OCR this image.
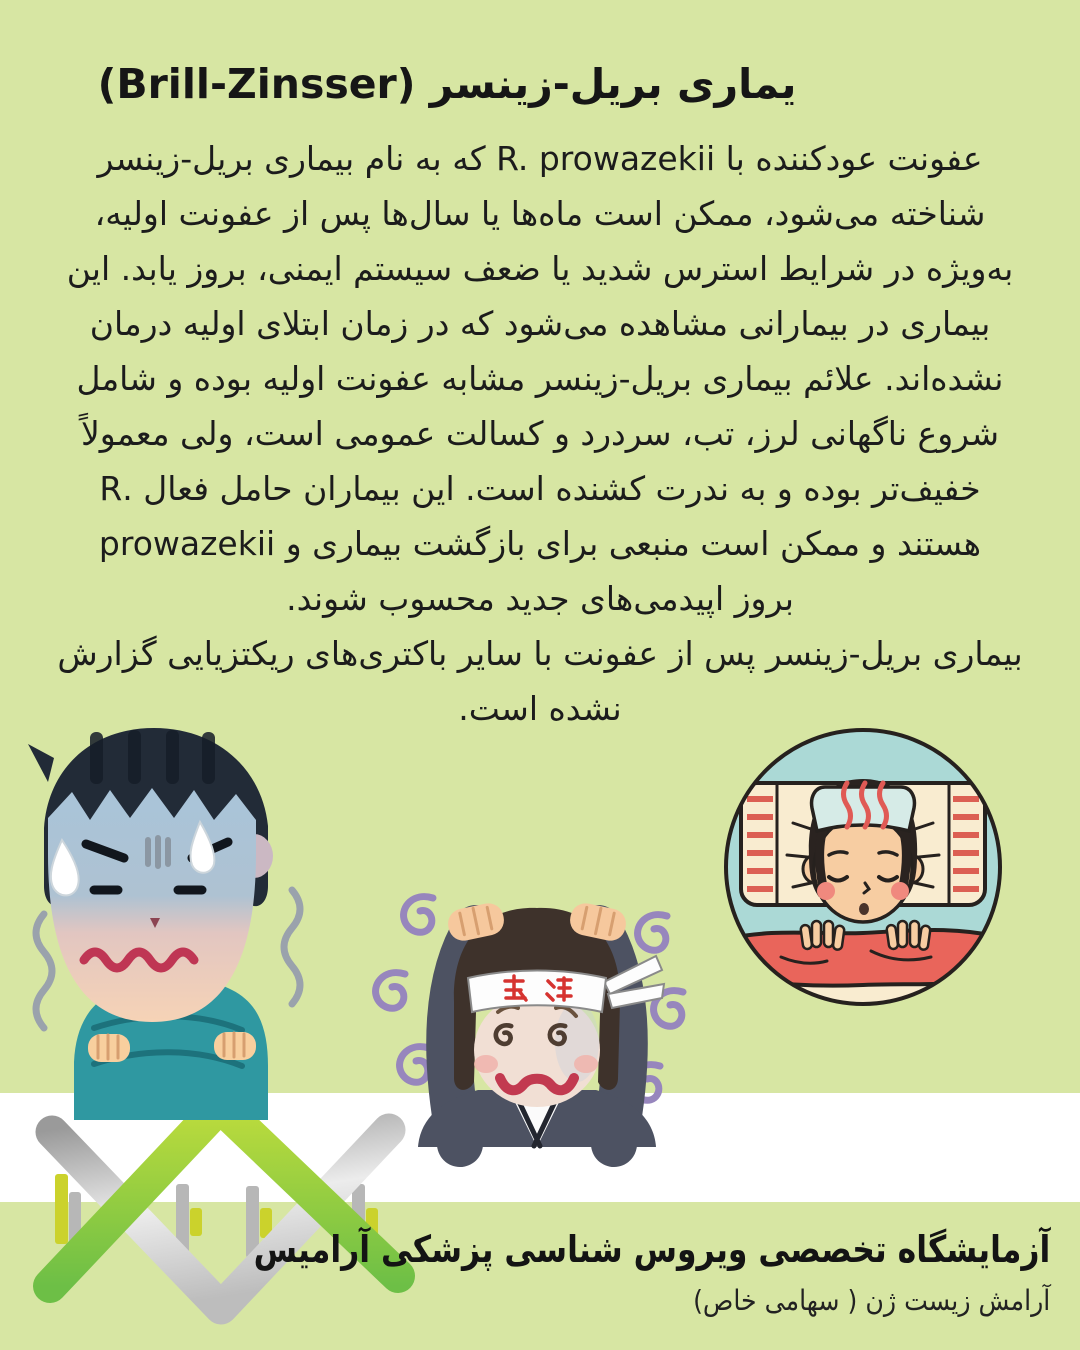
یماری بریل-زینسر (Brill-Zinsser)
عفونت عودکننده با R. prowazekii که به نام بیماری بریل-زینسر
شناخته می‌شود، ممکن است ماه‌ها یا سال‌ها پس از عفونت اولیه،
به‌ویژه در شرایط استرس شدید یا ضعف سیستم ایمنی، بروز یابد. این
بیماری در بیمارانی مشاهده می‌شود که در زمان ابتلای اولیه درمان
نشده‌اند. علائم بیماری بریل-زینسر مشابه عفونت اولیه بوده و شامل
شروع ناگهانی لرز، تب، سردرد و کسالت عمومی است، ولی معمولاً
خفیف‌تر بوده و به ندرت کشنده است. این بیماران حامل فعال .R
prowazekii هستند و ممکن است منبعی برای بازگشت بیماری و
بروز اپیدمی‌های جدید محسوب شوند.
بیماری بریل-زینسر پس از عفونت با سایر باکتری‌های ریکتزیایی گزارش
نشده است.
آزمایشگاه تخصصی ویروس شناسی پزشکی آرامیس
آرامش زیست ژن ( سهامی خاص)
